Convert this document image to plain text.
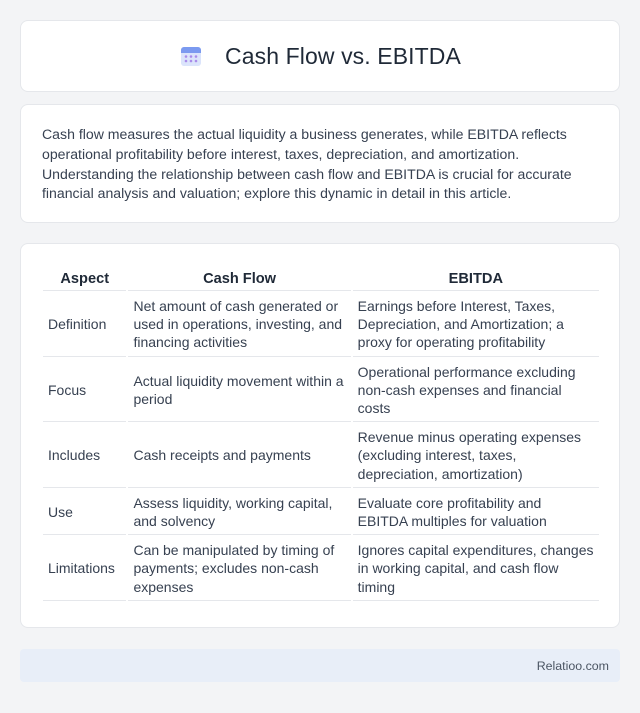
Cash Flow vs. EBITDA

Cash flow measures the actual liquidity a business generates, while EBITDA reflects operational profitability before interest, taxes, depreciation, and amortization. Understanding the relationship between cash flow and EBITDA is crucial for accurate financial analysis and valuation; explore this dynamic in detail in this article.

Aspect	Cash Flow	EBITDA
Definition	Net amount of cash generated or used in operations, investing, and financing activities	Earnings before Interest, Taxes, Depreciation, and Amortization; a proxy for operating profitability
Focus	Actual liquidity movement within a period	Operational performance excluding non-cash expenses and financial costs
Includes	Cash receipts and payments	Revenue minus operating expenses (excluding interest, taxes, depreciation, amortization)
Use	Assess liquidity, working capital, and solvency	Evaluate core profitability and EBITDA multiples for valuation
Limitations	Can be manipulated by timing of payments; excludes non-cash expenses	Ignores capital expenditures, changes in working capital, and cash flow timing
Relatioo.com
